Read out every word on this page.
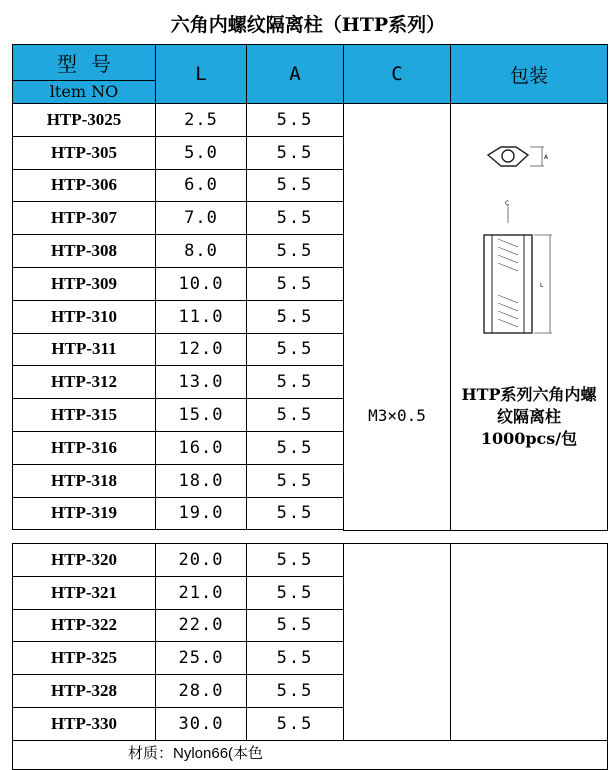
六角内螺纹隔离柱（HTP系列）
型号
ltem NO
L	A	C	包装
HTP-3025	2.5	5.5
HTP-305	5.0	5.5
HTP-306	6.0	5.5
HTP-307	7.0	5.5
HTP-308	8.0	5.5
HTP-309	10.0	5.5
HTP-310	11.0	5.5
HTP-311	12.0	5.5
HTP-312	13.0	5.5
HTP-315	15.0	5.5
HTP-316	16.0	5.5
HTP-318	18.0	5.5
HTP-319	19.0	5.5
HTP-320	20.0	5.5
HTP-321	21.0	5.5
HTP-322	22.0	5.5
HTP-325	25.0	5.5
HTP-328	28.0	5.5
HTP-330	30.0	5.5
M3×0.5
A
C
L
HTP系列六角内螺
纹隔离柱
1000pcs/包
材质：Nylon66(本色
